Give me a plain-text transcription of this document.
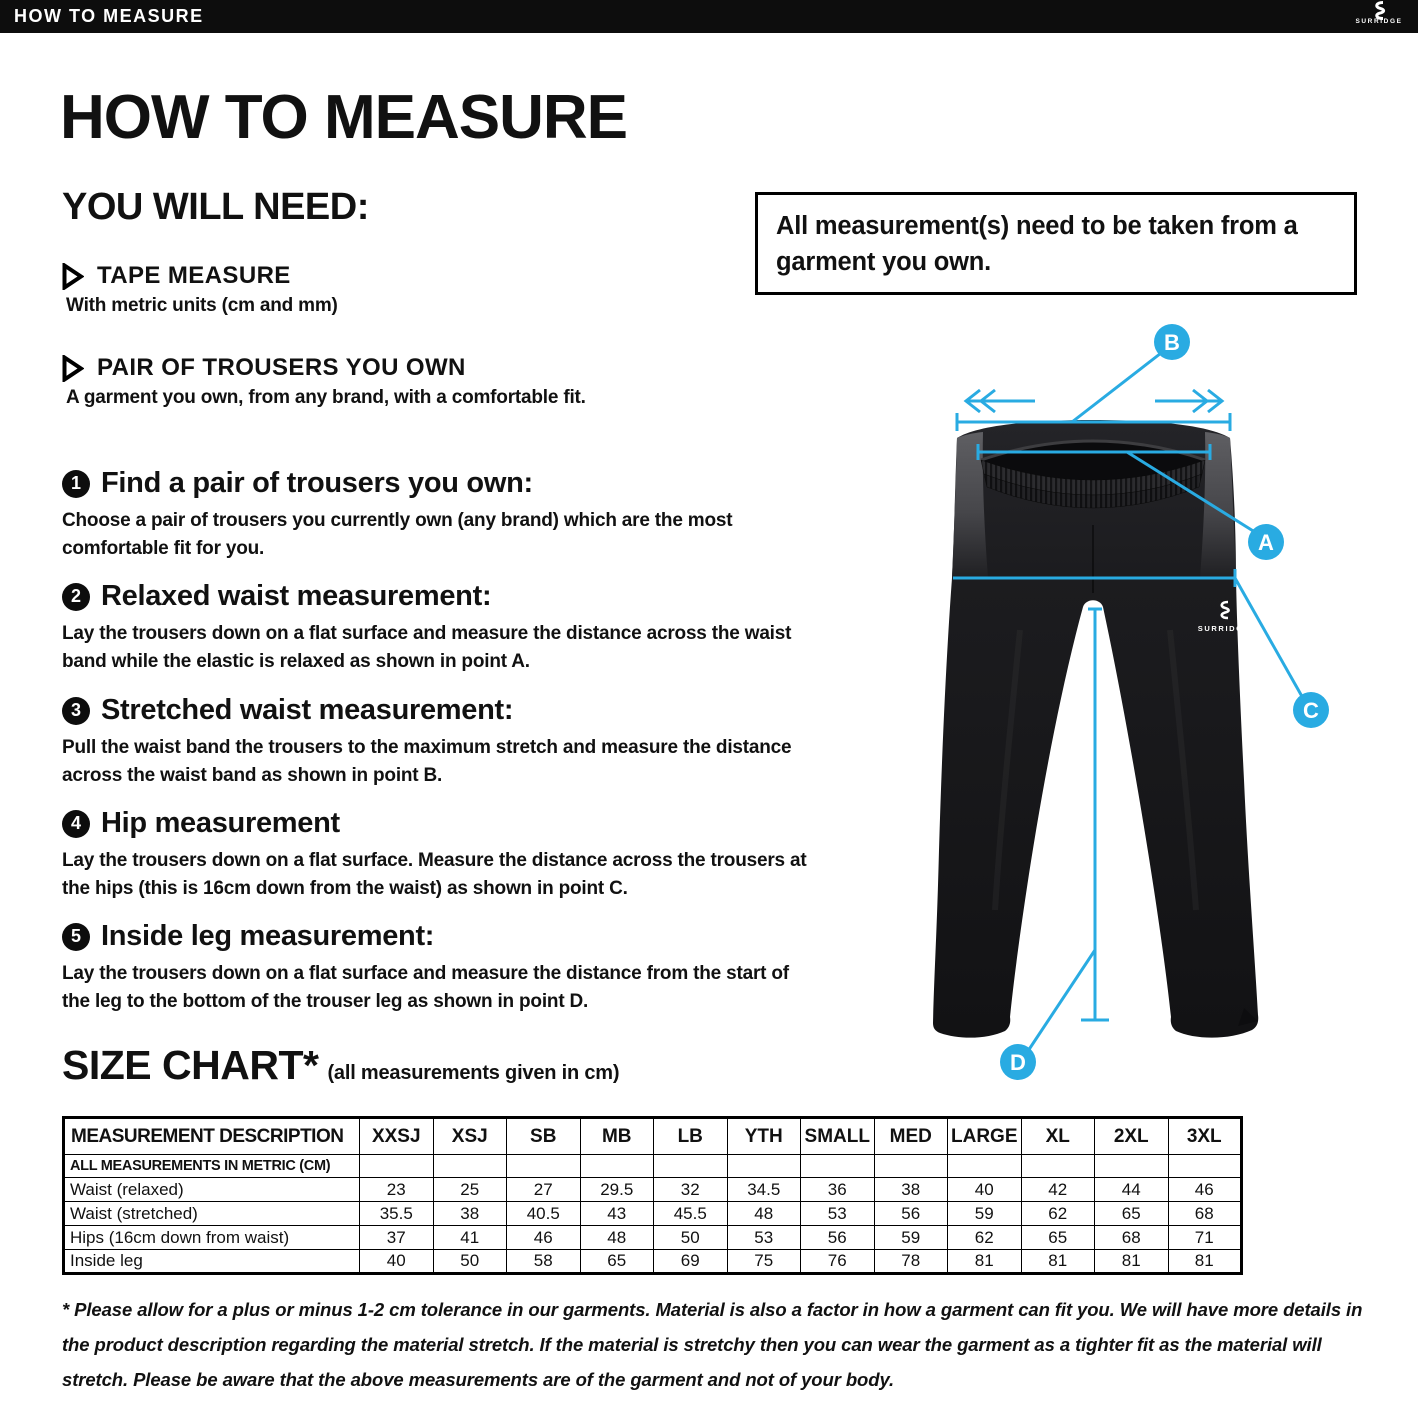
HOW TO MEASURE	SURRIDGE
HOW TO MEASURE
YOU WILL NEED:
TAPE MEASURE
With metric units (cm and mm)
PAIR OF TROUSERS YOU OWN
A garment you own, from any brand, with a comfortable fit.

All measurement(s) need to be taken from a garment you own.

1 Find a pair of trousers you own:

Choose a pair of trousers you currently own (any brand) which are the most comfortable fit for you.

2 Relaxed waist measurement:

Lay the trousers down on a flat surface and measure the distance across the waist band while the elastic is relaxed as shown in point A.

3 Stretched waist measurement:

Pull the waist band the trousers to the maximum stretch and measure the distance across the waist band as shown in point B.

4 Hip measurement

Lay the trousers down on a flat surface. Measure the distance across the trousers at the hips (this is 16cm down from the waist) as shown in point C.

5 Inside leg measurement:

Lay the trousers down on a flat surface and measure the distance from the start of the leg to the bottom of the trouser leg as shown in point D.

SURRIDGE
B
A
C
D
SIZE CHART* (all measurements given in cm)
MEASUREMENT DESCRIPTION	XXSJ	XSJ	SB	MB	LB	YTH	SMALL	MED	LARGE	XL	2XL	3XL
ALL MEASUREMENTS IN METRIC (CM)												
Waist (relaxed)	23	25	27	29.5	32	34.5	36	38	40	42	44	46
Waist (stretched)	35.5	38	40.5	43	45.5	48	53	56	59	62	65	68
Hips (16cm down from waist)	37	41	46	48	50	53	56	59	62	65	68	71
Inside leg	40	50	58	65	69	75	76	78	81	81	81	81

* Please allow for a plus or minus 1-2 cm tolerance in our garments. Material is also a factor in how a garment can fit you. We will have more details in the product description regarding the material stretch. If the material is stretchy then you can wear the garment as a tighter fit as the material will stretch. Please be aware that the above measurements are of the garment and not of your body.
